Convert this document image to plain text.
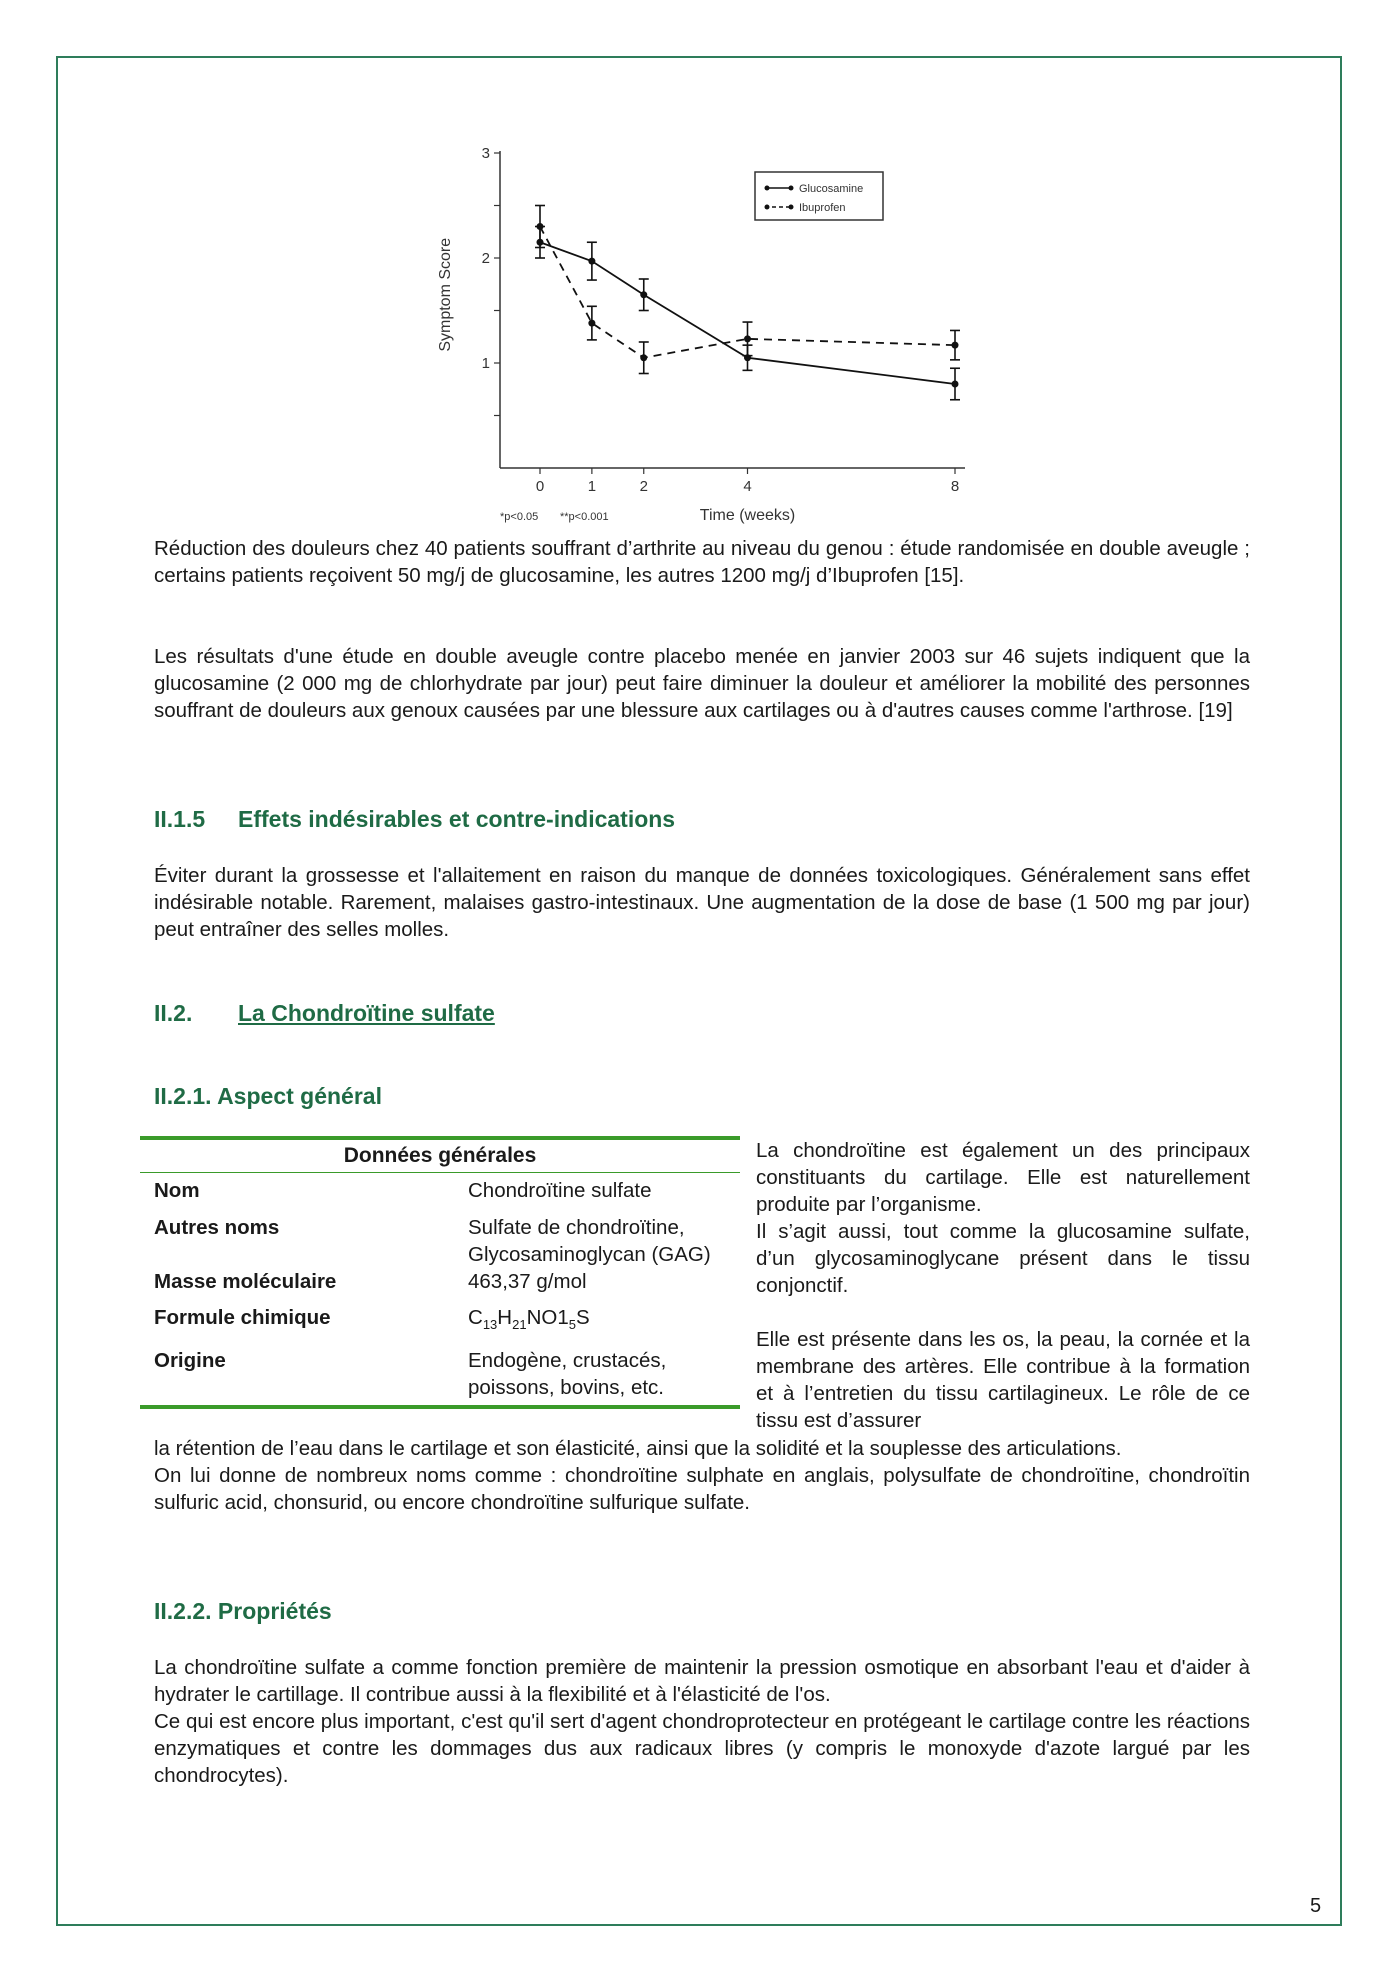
1
2
3
0	1	2	4	8
Symptom Score
Time (weeks)
*p<0.05 **p<0.001
Glucosamine
Ibuprofen

Réduction des douleurs chez 40 patients souffrant d’arthrite au niveau du genou : étude randomisée en double aveugle ; certains patients reçoivent 50 mg/j de glucosamine, les autres 1200 mg/j d’Ibuprofen [15].

Les résultats d'une étude en double aveugle contre placebo menée en janvier 2003 sur 46 sujets indiquent que la glucosamine (2 000 mg de chlorhydrate par jour) peut faire diminuer la douleur et améliorer la mobilité des personnes souffrant de douleurs aux genoux causées par une blessure aux cartilages ou à d'autres causes comme l'arthrose. [19]

II.1.5 Effets indésirables et contre-indications

Éviter durant la grossesse et l'allaitement en raison du manque de données toxicologiques. Généralement sans effet indésirable notable. Rarement, malaises gastro-intestinaux. Une augmentation de la dose de base (1 500 mg par jour) peut entraîner des selles molles.

II.2. La Chondroïtine sulfate
II.2.1. Aspect général
Données générales
Nom	Chondroïtine sulfate
Autres noms	Sulfate de chondroïtine, Glycosaminoglycan (GAG)
Masse moléculaire	463,37 g/mol
Formule chimique	$C_{13}H_{21}NO1_5S$
Origine	Endogène, crustacés, poissons, bovins, etc.

La chondroïtine est également un des principaux constituants du cartilage. Elle est naturellement produite par l’organisme.

Il s’agit aussi, tout comme la glucosamine sulfate, d’un glycosaminoglycane présent dans le tissu conjonctif.

Elle est présente dans les os, la peau, la cornée et la membrane des artères. Elle contribue à la formation et à l’entretien du tissu cartilagineux. Le rôle de ce tissu est d’assurer

la rétention de l’eau dans le cartilage et son élasticité, ainsi que la solidité et la souplesse des articulations.

On lui donne de nombreux noms comme : chondroïtine sulphate en anglais, polysulfate de chondroïtine, chondroïtin sulfuric acid, chonsurid, ou encore chondroïtine sulfurique sulfate.

II.2.2. Propriétés

La chondroïtine sulfate a comme fonction première de maintenir la pression osmotique en absorbant l'eau et d'aider à hydrater le cartillage. Il contribue aussi à la flexibilité et à l'élasticité de l'os.

Ce qui est encore plus important, c'est qu'il sert d'agent chondroprotecteur en protégeant le cartilage contre les réactions enzymatiques et contre les dommages dus aux radicaux libres (y compris le monoxyde d'azote largué par les chondrocytes).

5
